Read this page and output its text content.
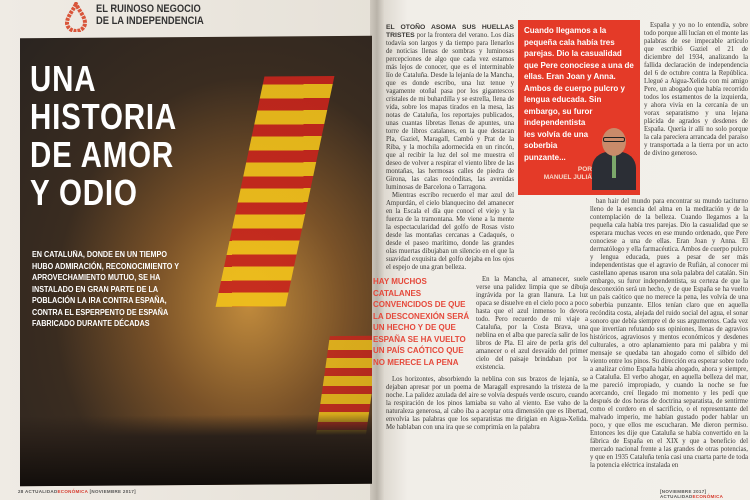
EL RUINOSO NEGOCIO
DE LA INDEPENDENCIA
UNA
HISTORIA
DE AMOR
Y ODIO
EN CATALUÑA, DONDE EN UN TIEMPO HUBO ADMIRACIÓN, RECONOCIMIENTO Y APROVECHAMIENTO MUTUO, SE HA INSTALADO EN GRAN PARTE DE LA POBLACIÓN LA IRA CONTRA ESPAÑA, CONTRA EL ESPERPENTO DE ESPAÑA FABRICADO DURANTE DÉCADAS
28 ACTUALIDADECONÓMICA [NOVIEMBRE 2017]	[NOVIEMBRE 2017] ACTUALIDADECONÓMICA
EL OTOÑO ASOMA SUS HUELLAS TRISTES por la frontera del verano. Los días todavía son largos y da tiempo para llenarlos de noticias llenas de sombras y luminosas percepciones de algo que cada vez estamos más lejos de conocer, que es el interminable lío de Cataluña. Desde la lejanía de la Mancha, que es donde escribo, una luz tenue y vagamente otoñal pasa por los gigantescos cristales de mi buhardilla y se estrella, llena de vida, sobre los mapas tirados en la mesa, las notas de Cataluña, los reportajes publicados, unas cuantas libretas llenas de apuntes, una torre de libros catalanes, en la que destacan Pla, Gaziel, Maragall, Cambó y Prat de la Riba, y la mochila adormecida en un rincón, que al recibir la luz del sol me muestra el deseo de volver a respirar el viento libre de las montañas, las hermosas calles de piedra de Girona, las calas recónditas, las avenidas luminosas de Barcelona o Tarragona.

Mientras escribo recuerdo el mar azul del Ampurdán, el cielo blanquecino del amanecer en la Escala el día que conocí el viejo y la fuerza de la tramontana. Me viene a la mente la espectacularidad del golfo de Rosas visto desde las montañas cercanas a Cadaqués, o desde el paseo marítimo, donde las grandes olas muertas dibujaban un silencio en el que la suavidad exquisita del golfo dejaba en los ojos el espejo de una gran belleza.

HAY MUCHOS CATALANES CONVENCIDOS DE QUE LA DESCONEXIÓN SERÁ UN HECHO Y DE QUE ESPAÑA SE HA VUELTO UN PAÍS CAÓTICO QUE NO MERECE LA PENA

En la Mancha, al amanecer, suele verse una palidez limpia que se dibuja ingrávida por la gran llanura. La luz opaca se disuelve en el cielo poco a poco hasta que el azul inmenso lo devora todo. Pero recuerdo de mi viaje a Cataluña, por la Costa Brava, una neblina en el alba que parecía salir de los libros de Pla. El aire de perla gris del amanecer o el azul desvaído del primer cielo del paisaje brindaban por la existencia.

Los horizontes, absorbiendo la neblina con sus brazos de lejanía, se dejaban apresar por un poema de Maragall expresando la tristeza de la noche. La palidez azulada del aire se volvía después verde oscuro, cuando la respiración de los pinos lamiaba su vaho al viento. Ese vaho de la naturaleza generosa, al cabo iba a aceptar otra dimensión que es libertad, envolvía las palabras que los separatistas me dirigían en Aigua-Xelida. Me hablaban con una ira que se comprimía en la palabra

Cuando llegamos a la pequeña cala había tres parejas. Dio la casualidad que Pere conociese a una de ellas. Eran Joan y Anna. Ambos de cuerpo pulcro y lengua educada. Sin embargo, su furor independentista les volvía de una soberbia punzante...
POR
MANUEL JULIÁ

España y yo no lo entendía, sobre todo porque allí lucían en el monte las palabras de ese impecable artículo que escribió Gaziel el 21 de diciembre del 1934, analizando la fallida declaración de independencia del 6 de octubre contra la República. Llegué a Aigua-Xelida con mi amigo Pere, un abogado que había recorrido todos los estamentos de la izquierda, y ahora vivía en la cercanía de un vorax separatismo y una lejana plácida de agrados y desdenes de España. Quería ir allí no solo porque la cala pareciera arrancada del paraíso y transportada a la tierra por un acto de divino generoso.

ban hair del mundo para encontrar su mundo taciturno lleno de la esencia del alma en la meditación y de la contemplación de la belleza. Cuando llegamos a la pequeña cala había tres parejas. Dio la casualidad que se esperara muchas veces en ese mundo ordenado, que Pere conociese a una de ellas. Eran Joan y Anna. El dermatólogo y ella farmacéutica. Ambos de cuerpo pulcro y lengua educada, pues a pesar de ser más independentistas que el agravio de Rufián, al conocer mi castellano apenas usaron una sola palabra del catalán. Sin embargo, su furor independentista, su certeza de que la desconexión será un hecho, y de que España se ha vuelto un país caótico que no merece la pena, les volvía de una soberbia punzante. Ellos tenían claro que en aquella recóndita costa, alejada del ruido social del agua, el sonar sonoro que debía siempre el de sus argumentos. Cada vez que invertían refutando sus opiniones, llenas de agravios históricos, agraviosos y mentos económicos y desdenes culturales, a otro aplanamiento para mi palabra y mi mensaje se quedaba tan ahogado como el silbido del viento entre los pinos. Su dirección era esperar sobre todo a analizar cómo España había ahogado, ahora y siempre, a Cataluña. El verbo ahogar, en aquella belleza del mar, me pareció impropiado, y cuando la noche se fue acercando, creí llegado mi momento y les pedí que después de dos horas de doctrina separatista, de sentirme como el cordero en el sacrificio, o el representante del malvado imperio, me habían gustado poder hablar un poco, y que ellos me escucharan. Me dieron permiso. Entonces les dije que Cataluña se había convertido en la fábrica de España en el XIX y que a beneficio del mercado nacional frente a las grandes de otras potencias, y que en 1935 Cataluña tenía casi una cuarta parte de toda la potencia eléctrica instalada en
